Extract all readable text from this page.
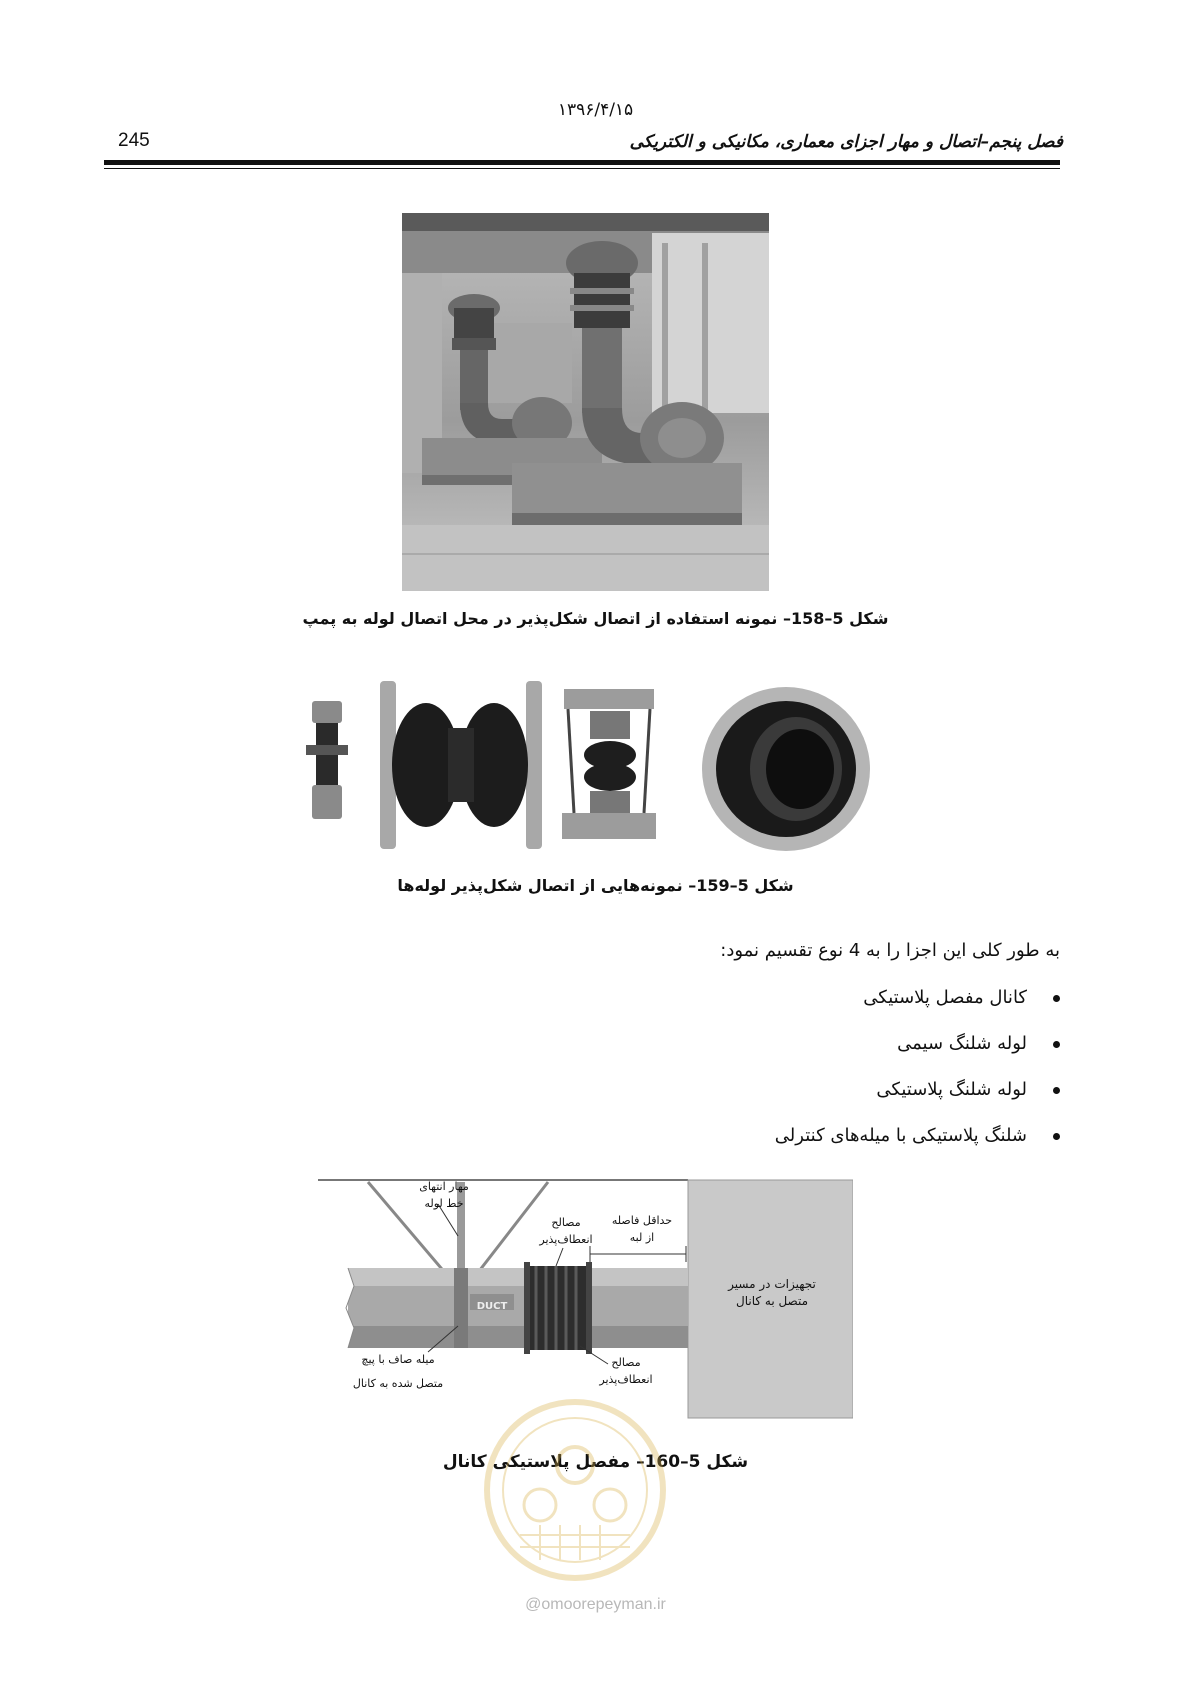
۱۳۹۶/۴/۱۵
فصل پنجم–اتصال و مهار اجزای معماری، مکانیکی و الکتریکی
245
شکل 5–158– نمونه استفاده از اتصال شکل‌پذیر در محل اتصال لوله به پمپ
شکل 5–159– نمونه‌هایی از اتصال شکل‌پذیر لوله‌ها
به طور کلی این اجزا را به 4 نوع تقسیم نمود:
کانال مفصل پلاستیکی
لوله شلنگ سیمی
لوله شلنگ پلاستیکی
شلنگ پلاستیکی با میله‌های کنترلی
DUCT
مهار انتهای
خط لوله
مصالح
انعطاف‌پذیر
حداقل فاصله
از لبه
تجهیزات در مسیر
متصل به کانال
میله صاف با پیچ
متصل شده به کانال
مصالح
انعطاف‌پذیر
شکل 5–160– مفصل پلاستیکی کانال
@omoorepeyman.ir
